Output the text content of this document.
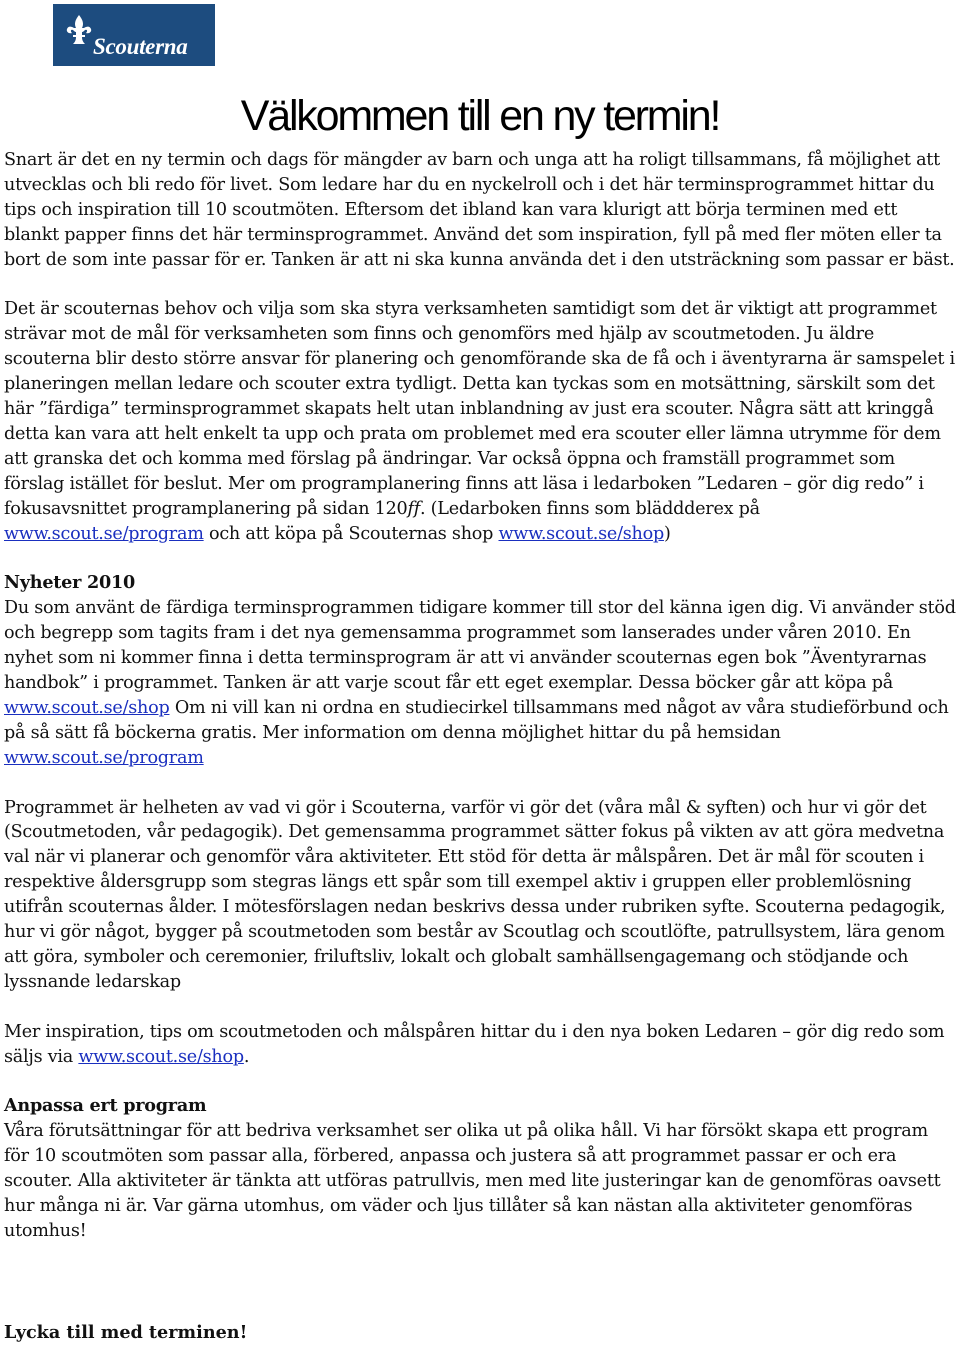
Scouterna
Välkommen till en ny termin!

Snart är det en ny termin och dags för mängder av barn och unga att ha roligt tillsammans, få möjlighet att utvecklas och bli redo för livet. Som ledare har du en nyckelroll och i det här terminsprogrammet hittar du tips och inspiration till 10 scoutmöten. Eftersom det ibland kan vara klurigt att börja terminen med ett blankt papper finns det här terminsprogrammet. Använd det som inspiration, fyll på med fler möten eller ta bort de som inte passar för er. Tanken är att ni ska kunna använda det i den utsträckning som passar er bäst.

Det är scouternas behov och vilja som ska styra verksamheten samtidigt som det är viktigt att programmet strävar mot de mål för verksamheten som finns och genomförs med hjälp av scoutmetoden. Ju äldre scouterna blir desto större ansvar för planering och genomförande ska de få och i äventyrarna är samspelet i planeringen mellan ledare och scouter extra tydligt. Detta kan tyckas som en motsättning, särskilt som det här ”färdiga” terminsprogrammet skapats helt utan inblandning av just era scouter. Några sätt att kringgå detta kan vara att helt enkelt ta upp och prata om problemet med era scouter eller lämna utrymme för dem att granska det och komma med förslag på ändringar. Var också öppna och framställ programmet som förslag istället för beslut. Mer om programplanering finns att läsa i ledarboken ”Ledaren – gör dig redo” i fokusavsnittet programplanering på sidan 120ff. (Ledarboken finns som bläddderex på www.scout.se/program och att köpa på Scouternas shop www.scout.se/shop)

Nyheter 2010
Du som använt de färdiga terminsprogrammen tidigare kommer till stor del känna igen dig. Vi använder stöd och begrepp som tagits fram i det nya gemensamma programmet som lanserades under våren 2010. En nyhet som ni kommer finna i detta terminsprogram är att vi använder scouternas egen bok ”Äventyrarnas handbok” i programmet. Tanken är att varje scout får ett eget exemplar. Dessa böcker går att köpa på www.scout.se/shop Om ni vill kan ni ordna en studiecirkel tillsammans med något av våra studieförbund och på så sätt få böckerna gratis. Mer information om denna möjlighet hittar du på hemsidan www.scout.se/program

Programmet är helheten av vad vi gör i Scouterna, varför vi gör det (våra mål & syften) och hur vi gör det (Scoutmetoden, vår pedagogik). Det gemensamma programmet sätter fokus på vikten av att göra medvetna val när vi planerar och genomför våra aktiviteter. Ett stöd för detta är målspåren. Det är mål för scouten i respektive åldersgrupp som stegras längs ett spår som till exempel aktiv i gruppen eller problemlösning utifrån scouternas ålder. I mötesförslagen nedan beskrivs dessa under rubriken syfte. Scouterna pedagogik, hur vi gör något, bygger på scoutmetoden som består av Scoutlag och scoutlöfte, patrullsystem, lära genom att göra, symboler och ceremonier, friluftsliv, lokalt och globalt samhällsengagemang och stödjande och lyssnande ledarskap

Mer inspiration, tips om scoutmetoden och målspåren hittar du i den nya boken Ledaren – gör dig redo som säljs via www.scout.se/shop.

Anpassa ert program
Våra förutsättningar för att bedriva verksamhet ser olika ut på olika håll. Vi har försökt skapa ett program för 10 scoutmöten som passar alla, förbered, anpassa och justera så att programmet passar er och era scouter. Alla aktiviteter är tänkta att utföras patrullvis, men med lite justeringar kan de genomföras oavsett hur många ni är. Var gärna utomhus, om väder och ljus tillåter så kan nästan alla aktiviteter genomföras utomhus!

Lycka till med terminen!
